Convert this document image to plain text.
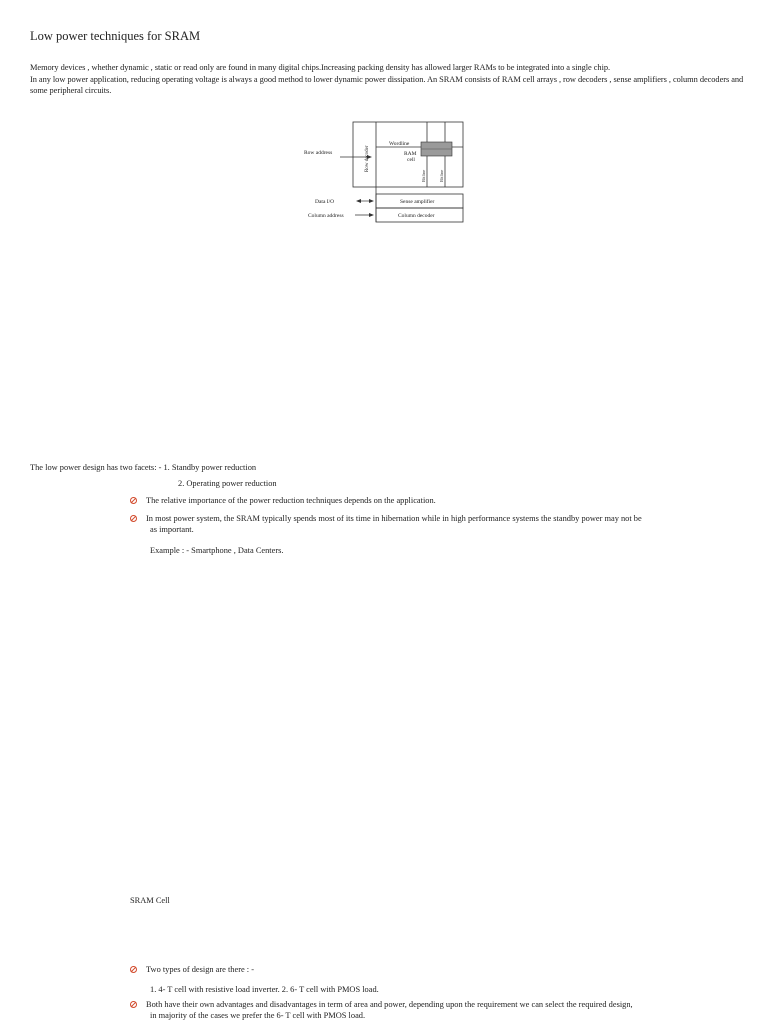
Low power techniques for SRAM

Memory devices , whether dynamic , static or read only are found in many digital chips.Increasing packing density has allowed larger RAMs to be integrated into a single chip.

In any low power application, reducing operating voltage is always a good method to lower dynamic power dissipation. An SRAM consists of RAM cell arrays , row decoders , sense amplifiers , column decoders and some peripheral circuits.

Row address	Row decoder
Wordline
RAM
cell
Bitline	Bitline
Data I/O	Sense amplifier
Column address	Column decoder
The low power design has two facets: - 1. Standby power reduction
2. Operating power reduction
The relative importance of the power reduction techniques depends on the application.
In most power system, the SRAM typically spends most of its time in hibernation while in high performance systems the standby power may not be
as important.
Example : - Smartphone , Data Centers.
SRAM Cell
Two types of design are there : -
1. 4- T cell with resistive load inverter. 2. 6- T cell with PMOS load.
Both have their own advantages and disadvantages in term of area and power, depending upon the requirement we can select the required design,
in majority of the cases we prefer the 6- T cell with PMOS load.
